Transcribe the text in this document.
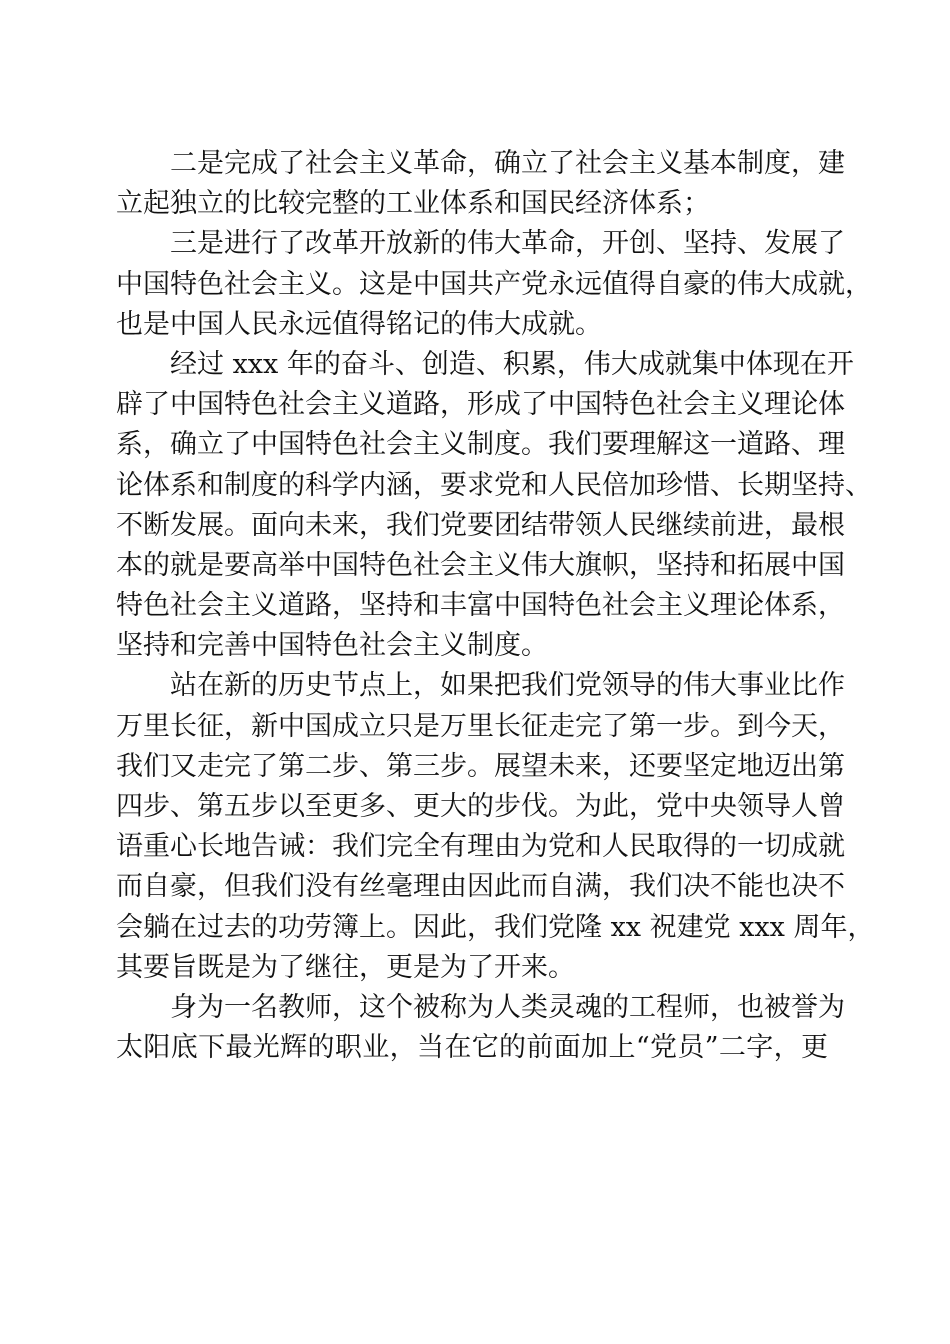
二是完成了社会主义革命，确立了社会主义基本制度，建
立起独立的比较完整的工业体系和国民经济体系；

三是进行了改革开放新的伟大革命，开创、坚持、发展了
中国特色社会主义。这是中国共产党永远值得自豪的伟大成就，
也是中国人民永远值得铭记的伟大成就。

经过 xxx 年的奋斗、创造、积累，伟大成就集中体现在开
辟了中国特色社会主义道路，形成了中国特色社会主义理论体
系，确立了中国特色社会主义制度。我们要理解这一道路、理
论体系和制度的科学内涵，要求党和人民倍加珍惜、长期坚持、
不断发展。面向未来，我们党要团结带领人民继续前进，最根
本的就是要高举中国特色社会主义伟大旗帜，坚持和拓展中国
特色社会主义道路，坚持和丰富中国特色社会主义理论体系，
坚持和完善中国特色社会主义制度。

站在新的历史节点上，如果把我们党领导的伟大事业比作
万里长征，新中国成立只是万里长征走完了第一步。到今天，
我们又走完了第二步、第三步。展望未来，还要坚定地迈出第
四步、第五步以至更多、更大的步伐。为此，党中央领导人曾
语重心长地告诫：我们完全有理由为党和人民取得的一切成就
而自豪，但我们没有丝毫理由因此而自满，我们决不能也决不
会躺在过去的功劳簿上。因此，我们党隆 xx 祝建党 xxx 周年，
其要旨既是为了继往，更是为了开来。

身为一名教师，这个被称为人类灵魂的工程师，也被誉为
太阳底下最光辉的职业，当在它的前面加上“党员”二字，更
